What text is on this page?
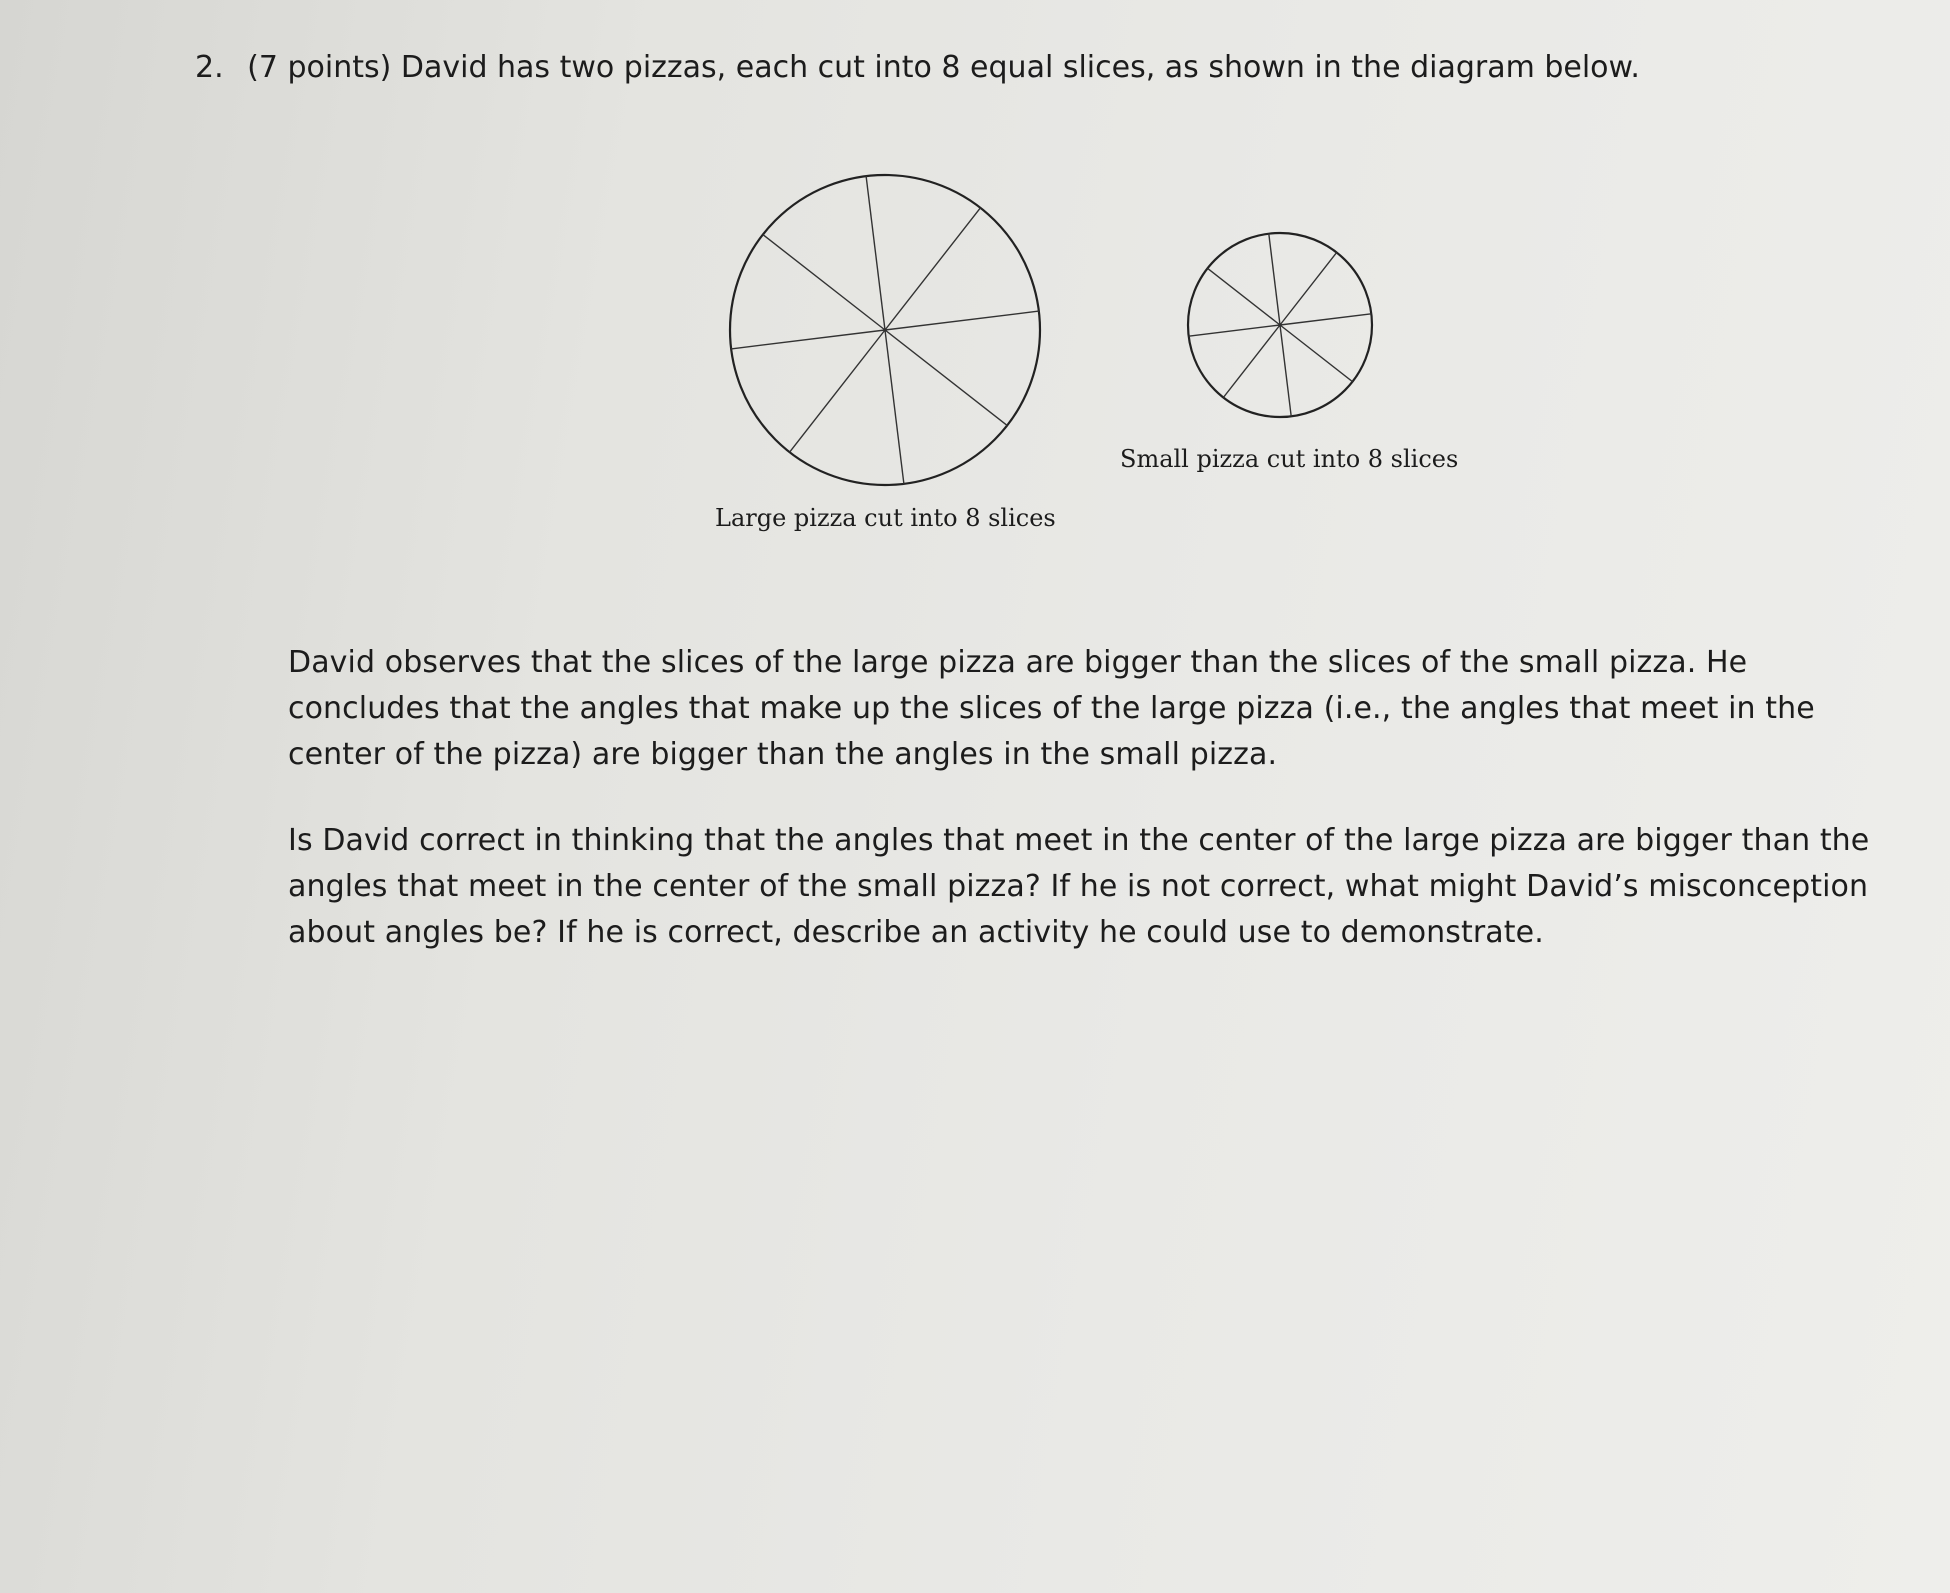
2. (7 points) David has two pizzas, each cut into 8 equal slices, as shown in the diagram below.
Large pizza cut into 8 slices
Small pizza cut into 8 slices
David observes that the slices of the large pizza are bigger than the slices of the small pizza. He
concludes that the angles that make up the slices of the large pizza (i.e., the angles that meet in the
center of the pizza) are bigger than the angles in the small pizza.
Is David correct in thinking that the angles that meet in the center of the large pizza are bigger than the
angles that meet in the center of the small pizza? If he is not correct, what might David’s misconception
about angles be? If he is correct, describe an activity he could use to demonstrate.
